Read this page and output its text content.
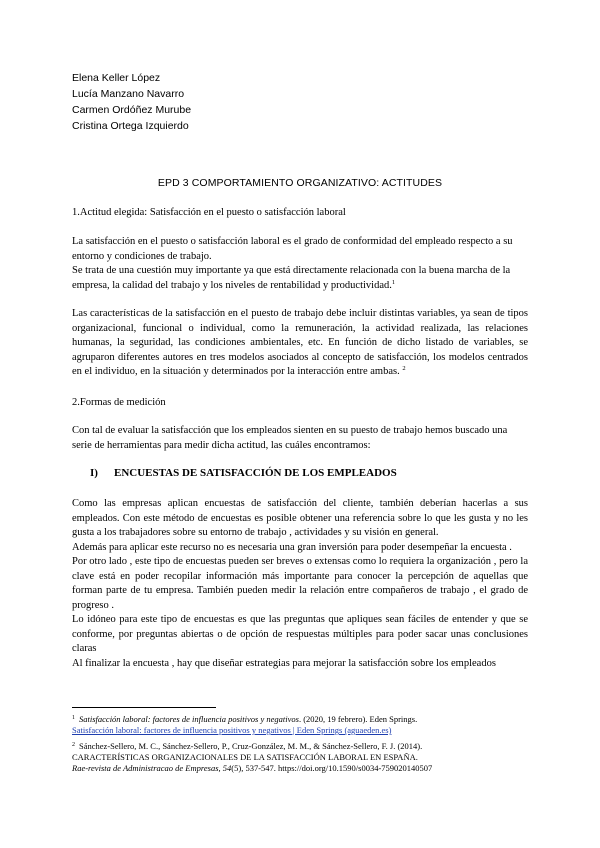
Elena Keller López
Lucía Manzano Navarro
Carmen Ordóñez Murube
Cristina Ortega Izquierdo
EPD 3 COMPORTAMIENTO ORGANIZATIVO: ACTITUDES
1.Actitud elegida: Satisfacción en el puesto o satisfacción laboral
La satisfacción en el puesto o satisfacción laboral es el grado de conformidad del empleado respecto a su entorno y condiciones de trabajo.
Se trata de una cuestión muy importante ya que está directamente relacionada con la buena marcha de la empresa, la calidad del trabajo y los niveles de rentabilidad y productividad.$^1$
Las características de la satisfacción en el puesto de trabajo debe incluir distintas variables, ya sean de tipos organizacional, funcional o individual, como la remuneración, la actividad realizada, las relaciones humanas, la seguridad, las condiciones ambientales, etc. En función de dicho listado de variables, se agruparon diferentes autores en tres modelos asociados al concepto de satisfacción, los modelos centrados en el individuo, en la situación y determinados por la interacción entre ambas. $^2$
2.Formas de medición
Con tal de evaluar la satisfacción que los empleados sienten en su puesto de trabajo hemos buscado una serie de herramientas para medir dicha actitud, las cuáles encontramos:
I) ENCUESTAS DE SATISFACCIÓN DE LOS EMPLEADOS
Como las empresas aplican encuestas de satisfacción del cliente, también deberían hacerlas a sus empleados. Con este método de encuestas es posible obtener una referencia sobre lo que les gusta y no les gusta a los trabajadores sobre su entorno de trabajo , actividades y su visión en general.
Además para aplicar este recurso no es necesaria una gran inversión para poder desempeñar la encuesta .
Por otro lado , este tipo de encuestas pueden ser breves o extensas como lo requiera la organización , pero la clave está en poder recopilar información más importante para conocer la percepción de aquellas que forman parte de tu empresa. También pueden medir la relación entre compañeros de trabajo , el grado de progreso .
Lo idóneo para este tipo de encuestas es que las preguntas que apliques sean fáciles de entender y que se conforme, por preguntas abiertas o de opción de respuestas múltiples para poder sacar unas conclusiones claras
Al finalizar la encuesta , hay que diseñar estrategias para mejorar la satisfacción sobre los empleados
$^1$ Satisfacción laboral: factores de influencia positivos y negativos. (2020, 19 febrero). Eden Springs.
Satisfacción laboral: factores de influencia positivos y negativos | Eden Springs (aguaeden.es)
$^2$ Sánchez-Sellero, M. C., Sánchez-Sellero, P., Cruz-González, M. M., & Sánchez-Sellero, F. J. (2014).
CARACTERÍSTICAS ORGANIZACIONALES DE LA SATISFACCIÓN LABORAL EN ESPAÑA.
Rae-revista de Administracao de Empresas, 54(5), 537-547. https://doi.org/10.1590/s0034-759020140507
